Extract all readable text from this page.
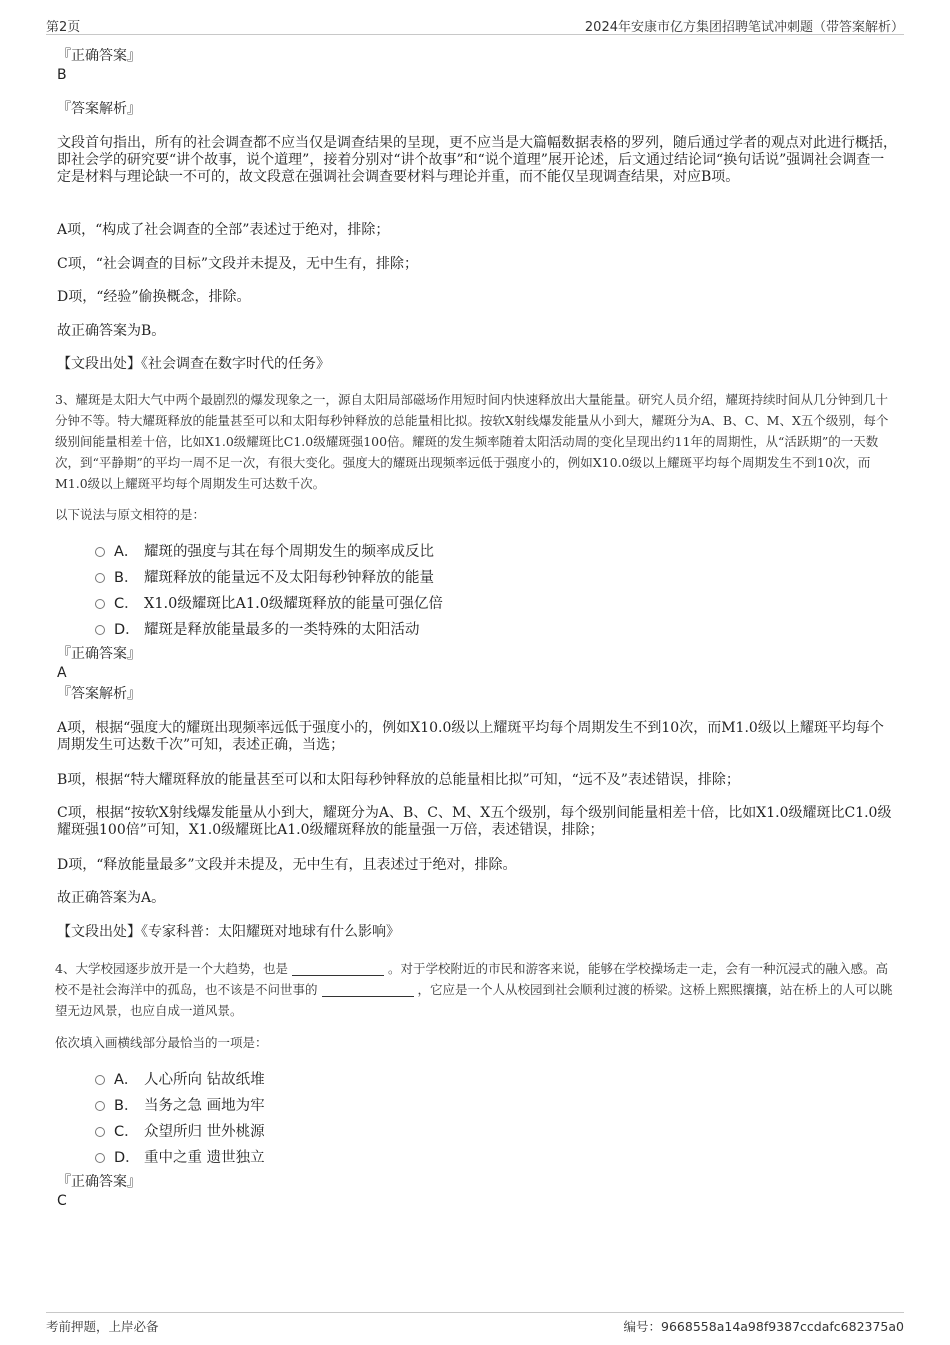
第2页	2024年安康市亿方集团招聘笔试冲刺题（带答案解析）
『正确答案』
B
『答案解析』

文段首句指出，所有的社会调查都不应当仅是调查结果的呈现，更不应当是大篇幅数据表格的罗列，随后通过学者的观点对此进行概括，即社会学的研究要“讲个故事，说个道理”，接着分别对“讲个故事”和“说个道理”展开论述，后文通过结论词“换句话说”强调社会调查一定是材料与理论缺一不可的，故文段意在强调社会调查要材料与理论并重，而不能仅呈现调查结果，对应B项。

A项，“构成了社会调查的全部”表述过于绝对，排除；

C项，“社会调查的目标”文段并未提及，无中生有，排除；

D项，“经验”偷换概念，排除。

故正确答案为B。

【文段出处】《社会调查在数字时代的任务》

3、耀斑是太阳大气中两个最剧烈的爆发现象之一，源自太阳局部磁场作用短时间内快速释放出大量能量。研究人员介绍，耀斑持续时间从几分钟到几十分钟不等。特大耀斑释放的能量甚至可以和太阳每秒钟释放的总能量相比拟。按软X射线爆发能量从小到大，耀斑分为A、B、C、M、X五个级别，每个级别间能量相差十倍，比如X1.0级耀斑比C1.0级耀斑强100倍。耀斑的发生频率随着太阳活动周的变化呈现出约11年的周期性，从“活跃期”的一天数次，到“平静期”的平均一周不足一次，有很大变化。强度大的耀斑出现频率远低于强度小的，例如X10.0级以上耀斑平均每个周期发生不到10次，而M1.0级以上耀斑平均每个周期发生可达数千次。

以下说法与原文相符的是：

A． 耀斑的强度与其在每个周期发生的频率成反比
B． 耀斑释放的能量远不及太阳每秒钟释放的能量
C． X1.0级耀斑比A1.0级耀斑释放的能量可强亿倍
D． 耀斑是释放能量最多的一类特殊的太阳活动
『正确答案』
A
『答案解析』

A项，根据“强度大的耀斑出现频率远低于强度小的，例如X10.0级以上耀斑平均每个周期发生不到10次，而M1.0级以上耀斑平均每个周期发生可达数千次”可知，表述正确，当选；

B项，根据“特大耀斑释放的能量甚至可以和太阳每秒钟释放的总能量相比拟”可知，“远不及”表述错误，排除；

C项，根据“按软X射线爆发能量从小到大，耀斑分为A、B、C、M、X五个级别，每个级别间能量相差十倍，比如X1.0级耀斑比C1.0级耀斑强100倍”可知，X1.0级耀斑比A1.0级耀斑释放的能量强一万倍，表述错误，排除；

D项，“释放能量最多”文段并未提及，无中生有，且表述过于绝对，排除。

故正确答案为A。

【文段出处】《专家科普：太阳耀斑对地球有什么影响》

4、大学校园逐步放开是一个大趋势，也是	。对于学校附近的市民和游客来说，能够在学校操场走一走，会有一种沉浸式的融入感。高校不是社会海洋中的孤岛，也不该是不问世事的	，它应是一个人从校园到社会顺利过渡的桥梁。这桥上熙熙攘攘，站在桥上的人可以眺望无边风景，也应自成一道风景。

依次填入画横线部分最恰当的一项是：

A． 人心所向 钻故纸堆
B． 当务之急 画地为牢
C． 众望所归 世外桃源
D． 重中之重 遗世独立
『正确答案』
C
考前押题，上岸必备	编号：9668558a14a98f9387ccdafc682375a0
